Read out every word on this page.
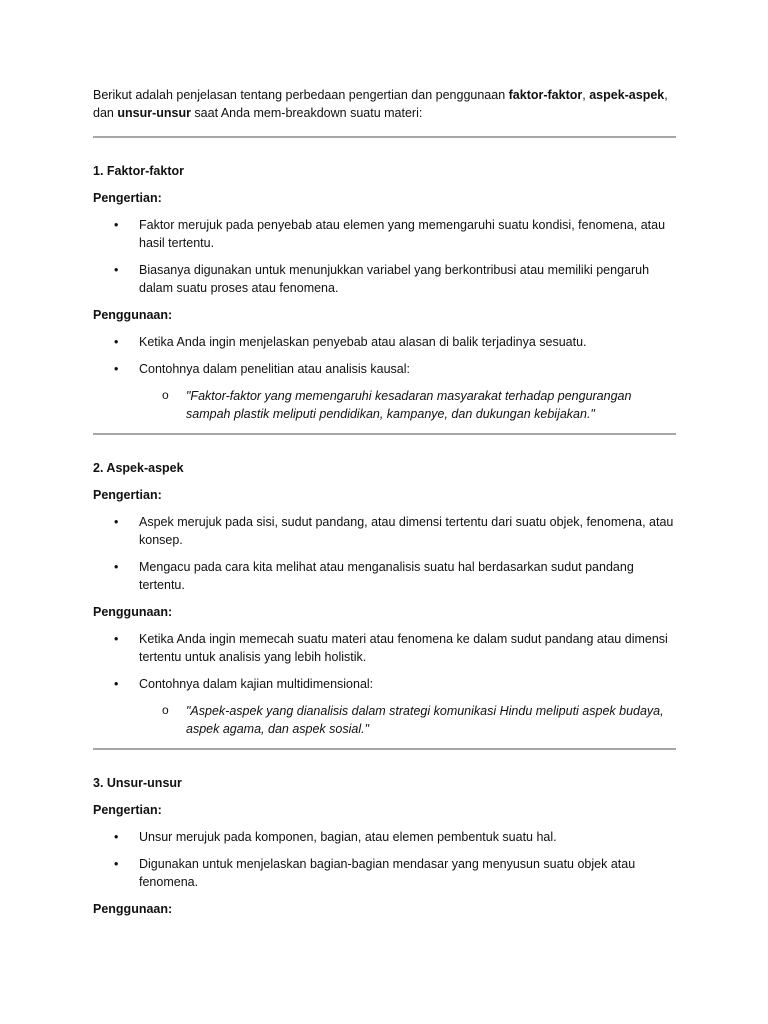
Berikut adalah penjelasan tentang perbedaan pengertian dan penggunaan faktor-faktor, aspek-aspek, dan unsur-unsur saat Anda mem-breakdown suatu materi:

1. Faktor-faktor

Pengertian:

• Faktor merujuk pada penyebab atau elemen yang memengaruhi suatu kondisi, fenomena, atau hasil tertentu.
• Biasanya digunakan untuk menunjukkan variabel yang berkontribusi atau memiliki pengaruh dalam suatu proses atau fenomena.

Penggunaan:

• Ketika Anda ingin menjelaskan penyebab atau alasan di balik terjadinya sesuatu.
• Contohnya dalam penelitian atau analisis kausal:
o "Faktor-faktor yang memengaruhi kesadaran masyarakat terhadap pengurangan sampah plastik meliputi pendidikan, kampanye, dan dukungan kebijakan."

2. Aspek-aspek

Pengertian:

• Aspek merujuk pada sisi, sudut pandang, atau dimensi tertentu dari suatu objek, fenomena, atau konsep.
• Mengacu pada cara kita melihat atau menganalisis suatu hal berdasarkan sudut pandang tertentu.

Penggunaan:

• Ketika Anda ingin memecah suatu materi atau fenomena ke dalam sudut pandang atau dimensi tertentu untuk analisis yang lebih holistik.
• Contohnya dalam kajian multidimensional:
o "Aspek-aspek yang dianalisis dalam strategi komunikasi Hindu meliputi aspek budaya, aspek agama, dan aspek sosial."

3. Unsur-unsur

Pengertian:

• Unsur merujuk pada komponen, bagian, atau elemen pembentuk suatu hal.
• Digunakan untuk menjelaskan bagian-bagian mendasar yang menyusun suatu objek atau fenomena.

Penggunaan:
